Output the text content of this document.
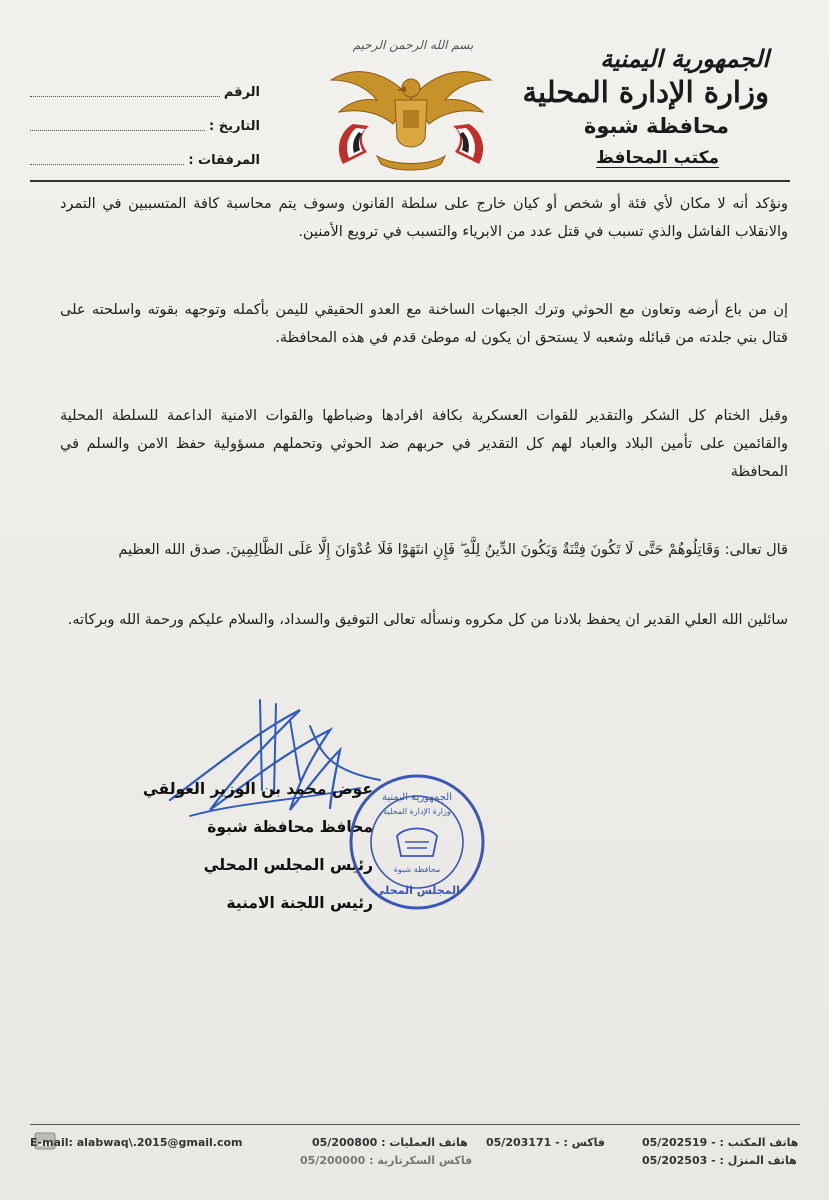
الجمهورية اليمنية
وزارة الإدارة المحلية
محافظة شبوة
مكتب المحافظ
بسم الله الرحمن الرحيم
الرقم
التاريخ :
المرفقات :

ونؤكد أنه لا مكان لأي فئة أو شخص أو كيان خارج على سلطة القانون وسوف يتم محاسبة كافة المتسببين في التمرد والانقلاب الفاشل والذي تسبب في قتل عدد من الابرياء والتسبب في ترويع الأمنين.

إن من باع أرضه وتعاون مع الحوثي وترك الجبهات الساخنة مع العدو الحقيقي لليمن بأكمله وتوجهه بقوته واسلحته على قتال بني جلدته من قبائله وشعبه لا يستحق ان يكون له موطئ قدم في هذه المحافظة.

وقبل الختام كل الشكر والتقدير للقوات العسكرية بكافة افرادها وضباطها والقوات الامنية الداعمة للسلطة المحلية والقائمين على تأمين البلاد والعباد لهم كل التقدير في حربهم ضد الحوثي وتحملهم مسؤولية حفظ الامن والسلم في المحافظة

قال تعالى: وَقَاتِلُوهُمْ حَتَّى لَا تَكُونَ فِتْنَةٌ وَيَكُونَ الدِّينُ لِلَّهِ ۖ فَإِنِ انتَهَوْا فَلَا عُدْوَانَ إِلَّا عَلَى الظَّالِمِينَ. صدق الله العظيم

سائلين الله العلي القدير ان يحفظ بلادنا من كل مكروه ونسأله تعالى التوفيق والسداد، والسلام عليكم ورحمة الله وبركاته.

عوض محمد بن الوزير العولقي
محافظ محافظة شبوة
رئيس المجلس المحلي
رئيس اللجنة الامنية
الجمهورية اليمنية
وزارة الإدارة المحلية
محافظة شبوة
المجلس المحلي
E-mail: alabwaq\.2015@gmail.com	هاتف العمليات : 05/200800	فاكس : - 05/203171	هاتف المكتب : - 05/202519
فاكس السكرتارية : 05/200000	هاتف المنزل : - 05/202503
